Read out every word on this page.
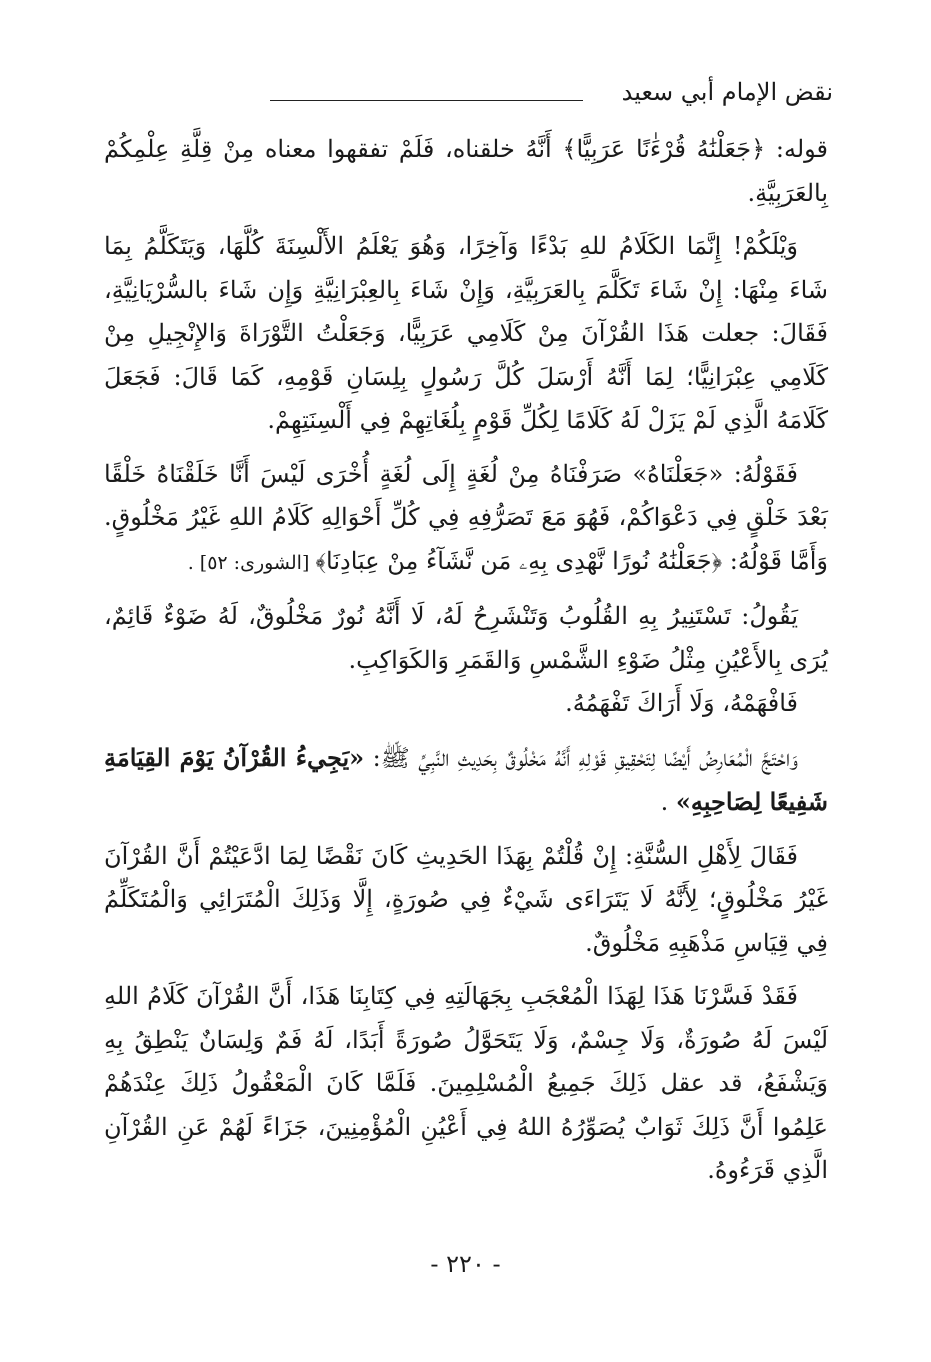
نقض الإمام أبي سعيد

قوله: ﴿جَعَلْنَٰهُ قُرْءَٰنًا عَرَبِيًّا﴾ أَنَّهُ خلقناه، فَلَمْ تفقهوا معناه مِنْ قِلَّةِ عِلْمِكُمْ بِالعَرَبِيَّةِ.

وَيْلَكُمْ! إِنَّمَا الكَلَامُ للهِ بَدْءًا وَآخِرًا، وَهُوَ يَعْلَمُ الأَلْسِنَةَ كُلَّهَا، وَيَتَكَلَّمُ بِمَا شَاءَ مِنْهَا: إِنْ شَاءَ تَكَلَّمَ بِالعَرَبِيَّةِ، وَإِنْ شَاءَ بِالعِبْرَانِيَّةِ وَإِن شَاءَ بالسُّرْيَانِيَّةِ، فَقَالَ: جعلت هَذَا القُرْآنَ مِنْ كَلَامِي عَرَبِيًّا، وَجَعَلْتُ التَّوْرَاةَ وَالإِنْجِيلِ مِنْ كَلَامِي عِبْرَانِيًّا؛ لِمَا أَنَّهُ أَرْسَلَ كُلَّ رَسُولٍ بِلِسَانِ قَوْمِهِ، كَمَا قَالَ: فَجَعَلَ كَلَامَهُ الَّذِي لَمْ يَزَلْ لَهُ كَلَامًا لِكُلِّ قَوْمٍ بِلُغَاتِهِمْ فِي أَلْسِنَتِهِمْ.

فَقَوْلُهُ: «جَعَلْنَاهُ» صَرَفْنَاهُ مِنْ لُغَةٍ إِلَى لُغَةٍ أُخْرَى لَيْسَ أَنَّا خَلَقْنَاهُ خَلْقًا بَعْدَ خَلْقٍ فِي دَعْوَاكُمْ، فَهُوَ مَعَ تَصَرُّفِهِ فِي كُلِّ أَحْوَالِهِ كَلَامُ اللهِ غَيْرُ مَخْلُوقٍ. وَأَمَّا قَوْلُهُ: ﴿جَعَلْنَٰهُ نُورًا نَّهْدِى بِهِۦ مَن نَّشَآءُ مِنْ عِبَادِنَا﴾ [الشورى: ٥٢] .

يَقُولُ: تَسْتَنِيرُ بِهِ القُلُوبُ وَتَنْشَرِحُ لَهُ، لَا أَنَّهُ نُورٌ مَخْلُوقٌ، لَهُ ضَوْءٌ قَائِمٌ، يُرَى بِالأَعْيُنِ مِثْلُ ضَوْءِ الشَّمْسِ وَالقَمَرِ وَالكَوَاكِبِ.

فَافْهَمْهُ، وَلَا أَرَاكَ تَفْهَمُهُ.

وَاحْتَجَّ الْمُعَارِضُ أَيْضًا لِتَحْقِيقِ قَوْلِهِ أَنَّهُ مَخْلُوقٌ بِحَدِيثِ النَّبِيِّ ﷺ: «يَجِيءُ القُرْآنُ يَوْمَ القِيَامَةِ شَفِيعًا لِصَاحِبِهِ» .

فَقَالَ لِأَهْلِ السُّنَّةِ: إِنْ قُلْتُمْ بِهَذَا الحَدِيثِ كَانَ نَقْضًا لِمَا ادَّعَيْتُمْ أَنَّ القُرْآنَ غَيْرُ مَخْلُوقٍ؛ لِأَنَّهُ لَا يَتَرَاءَى شَيْءٌ فِي صُورَةٍ، إِلَّا وَذَلِكَ الْمُتَرَائِي وَالْمُتَكَلِّمُ فِي قِيَاسِ مَذْهَبِهِ مَخْلُوقٌ.

فَقَدْ فَسَّرْنَا هَذَا لِهَذَا الْمُعْجَبِ بِجَهَالَتِهِ فِي كِتَابِنَا هَذَا، أَنَّ القُرْآنَ كَلَامُ اللهِ لَيْسَ لَهُ صُورَةٌ، وَلَا جِسْمٌ، وَلَا يَتَحَوَّلُ صُورَةً أَبَدًا، لَهُ فَمٌ وَلِسَانٌ يَنْطِقُ بِهِ وَيَشْفَعُ، قد عقل ذَلِكَ جَمِيعُ الْمُسْلِمِينَ. فَلَمَّا كَانَ الْمَعْقُولُ ذَلِكَ عِنْدَهُمْ عَلِمُوا أَنَّ ذَلِكَ ثَوَابٌ يُصَوِّرُهُ اللهُ فِي أَعْيُنِ الْمُؤْمِنِينَ، جَزَاءً لَهُمْ عَنِ القُرْآنِ الَّذِي قَرَءُوهُ.

- ٢٢٠ -
